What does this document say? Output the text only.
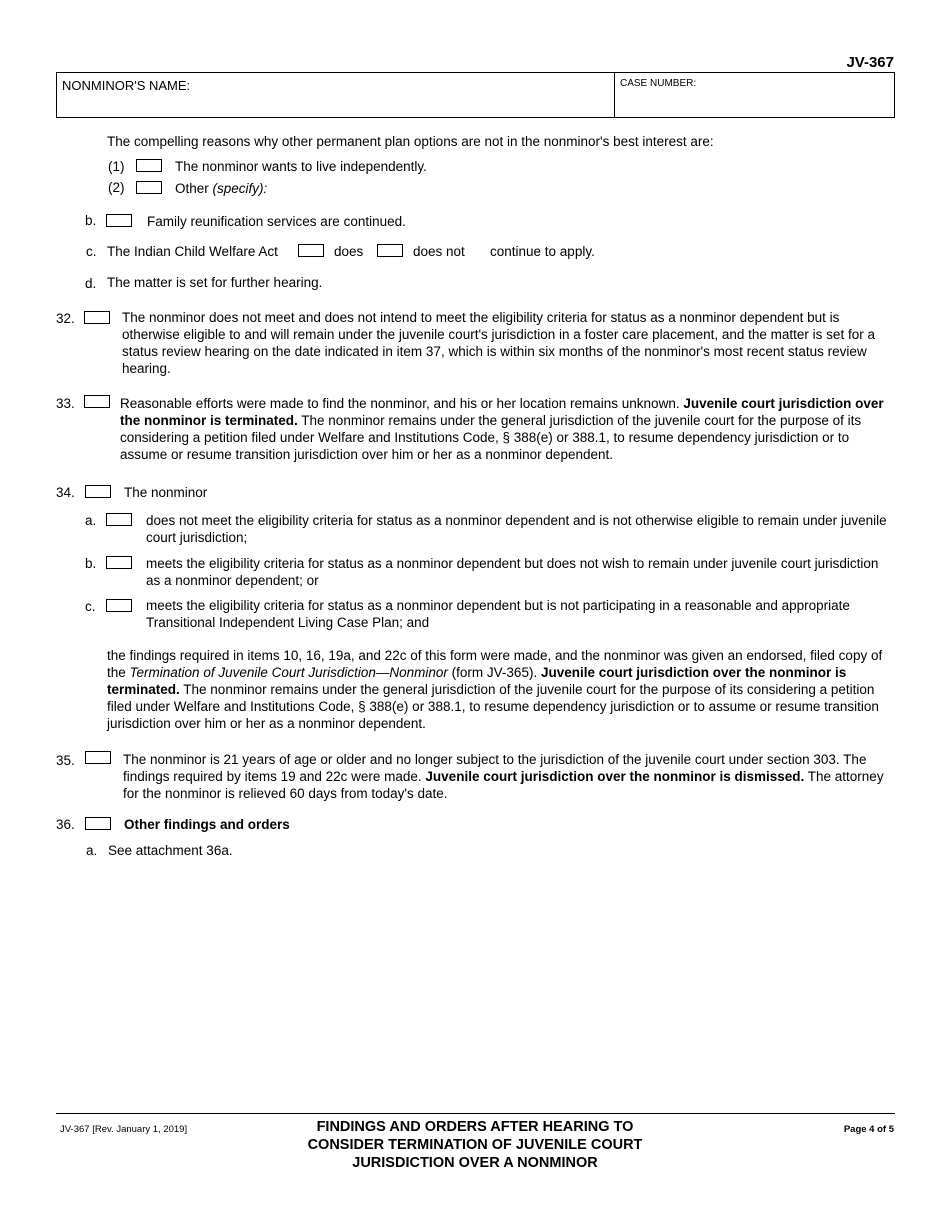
JV-367
NONMINOR'S NAME:	CASE NUMBER:
The compelling reasons why other permanent plan options are not in the nonminor's best interest are:
(1)	The nonminor wants to live independently.
(2)	Other (specify):
b.	Family reunification services are continued.
c. The Indian Child Welfare Act	does	does not continue to apply.
d. The matter is set for further hearing.
32.	The nonminor does not meet and does not intend to meet the eligibility criteria for status as a nonminor dependent but is otherwise eligible to and will remain under the juvenile court's jurisdiction in a foster care placement, and the matter is set for a status review hearing on the date indicated in item 37, which is within six months of the nonminor's most recent status review hearing.
33.	Reasonable efforts were made to find the nonminor, and his or her location remains unknown. Juvenile court jurisdiction over the nonminor is terminated. The nonminor remains under the general jurisdiction of the juvenile court for the purpose of its considering a petition filed under Welfare and Institutions Code, § 388(e) or 388.1, to resume dependency jurisdiction or to assume or resume transition jurisdiction over him or her as a nonminor dependent.
34.	The nonminor
a.	does not meet the eligibility criteria for status as a nonminor dependent and is not otherwise eligible to remain under juvenile court jurisdiction;
b.	meets the eligibility criteria for status as a nonminor dependent but does not wish to remain under juvenile court jurisdiction as a nonminor dependent; or
c.	meets the eligibility criteria for status as a nonminor dependent but is not participating in a reasonable and appropriate Transitional Independent Living Case Plan; and
the findings required in items 10, 16, 19a, and 22c of this form were made, and the nonminor was given an endorsed, filed copy of the Termination of Juvenile Court Jurisdiction—Nonminor (form JV-365). Juvenile court jurisdiction over the nonminor is terminated. The nonminor remains under the general jurisdiction of the juvenile court for the purpose of its considering a petition filed under Welfare and Institutions Code, § 388(e) or 388.1, to resume dependency jurisdiction or to assume or resume transition jurisdiction over him or her as a nonminor dependent.
35.	The nonminor is 21 years of age or older and no longer subject to the jurisdiction of the juvenile court under section 303. The findings required by items 19 and 22c were made. Juvenile court jurisdiction over the nonminor is dismissed. The attorney for the nonminor is relieved 60 days from today's date.
36.	Other findings and orders
a. See attachment 36a.
JV-367 [Rev. January 1, 2019]	FINDINGS AND ORDERS AFTER HEARING TO
CONSIDER TERMINATION OF JUVENILE COURT
JURISDICTION OVER A NONMINOR
Page 4 of 5
